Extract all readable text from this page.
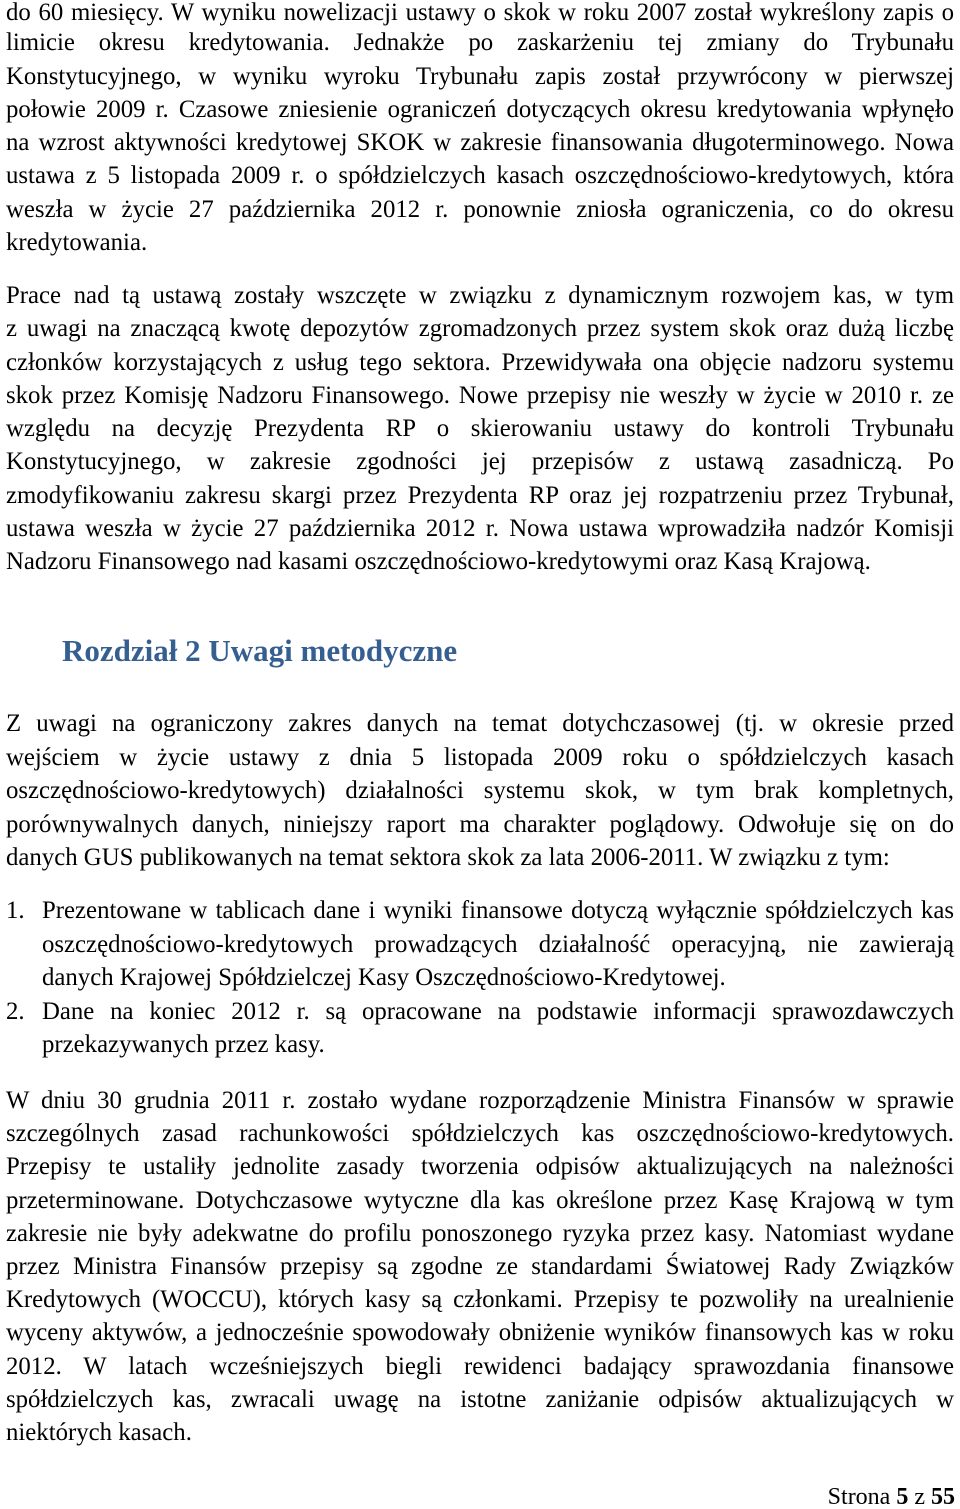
do 60 miesięcy. W wyniku nowelizacji ustawy o skok w roku 2007 został wykreślony zapis o
limicie okresu kredytowania. Jednakże po zaskarżeniu tej zmiany do Trybunału
Konstytucyjnego, w wyniku wyroku Trybunału zapis został przywrócony w pierwszej
połowie 2009 r. Czasowe zniesienie ograniczeń dotyczących okresu kredytowania wpłynęło
na wzrost aktywności kredytowej SKOK w zakresie finansowania długoterminowego. Nowa
ustawa z 5 listopada 2009 r. o spółdzielczych kasach oszczędnościowo-kredytowych, która
weszła w życie 27 października 2012 r. ponownie zniosła ograniczenia, co do okresu
kredytowania.
Prace nad tą ustawą zostały wszczęte w związku z dynamicznym rozwojem kas, w tym
z uwagi na znaczącą kwotę depozytów zgromadzonych przez system skok oraz dużą liczbę
członków korzystających z usług tego sektora. Przewidywała ona objęcie nadzoru systemu
skok przez Komisję Nadzoru Finansowego. Nowe przepisy nie weszły w życie w 2010 r. ze
względu na decyzję Prezydenta RP o skierowaniu ustawy do kontroli Trybunału
Konstytucyjnego, w zakresie zgodności jej przepisów z ustawą zasadniczą. Po
zmodyfikowaniu zakresu skargi przez Prezydenta RP oraz jej rozpatrzeniu przez Trybunał,
ustawa weszła w życie 27 października 2012 r. Nowa ustawa wprowadziła nadzór Komisji
Nadzoru Finansowego nad kasami oszczędnościowo-kredytowymi oraz Kasą Krajową.
Rozdział 2 Uwagi metodyczne
Z uwagi na ograniczony zakres danych na temat dotychczasowej (tj. w okresie przed
wejściem w życie ustawy z dnia 5 listopada 2009 roku o spółdzielczych kasach
oszczędnościowo-kredytowych) działalności systemu skok, w tym brak kompletnych,
porównywalnych danych, niniejszy raport ma charakter poglądowy. Odwołuje się on do
danych GUS publikowanych na temat sektora skok za lata 2006-2011. W związku z tym:
1. Prezentowane w tablicach dane i wyniki finansowe dotyczą wyłącznie spółdzielczych kas
oszczędnościowo-kredytowych prowadzących działalność operacyjną, nie zawierają
danych Krajowej Spółdzielczej Kasy Oszczędnościowo-Kredytowej.
2. Dane na koniec 2012 r. są opracowane na podstawie informacji sprawozdawczych
przekazywanych przez kasy.
W dniu 30 grudnia 2011 r. zostało wydane rozporządzenie Ministra Finansów w sprawie
szczególnych zasad rachunkowości spółdzielczych kas oszczędnościowo-kredytowych.
Przepisy te ustaliły jednolite zasady tworzenia odpisów aktualizujących na należności
przeterminowane. Dotychczasowe wytyczne dla kas określone przez Kasę Krajową w tym
zakresie nie były adekwatne do profilu ponoszonego ryzyka przez kasy. Natomiast wydane
przez Ministra Finansów przepisy są zgodne ze standardami Światowej Rady Związków
Kredytowych (WOCCU), których kasy są członkami. Przepisy te pozwoliły na urealnienie
wyceny aktywów, a jednocześnie spowodowały obniżenie wyników finansowych kas w roku
2012. W latach wcześniejszych biegli rewidenci badający sprawozdania finansowe
spółdzielczych kas, zwracali uwagę na istotne zaniżanie odpisów aktualizujących w
niektórych kasach.
Strona 5 z 55
